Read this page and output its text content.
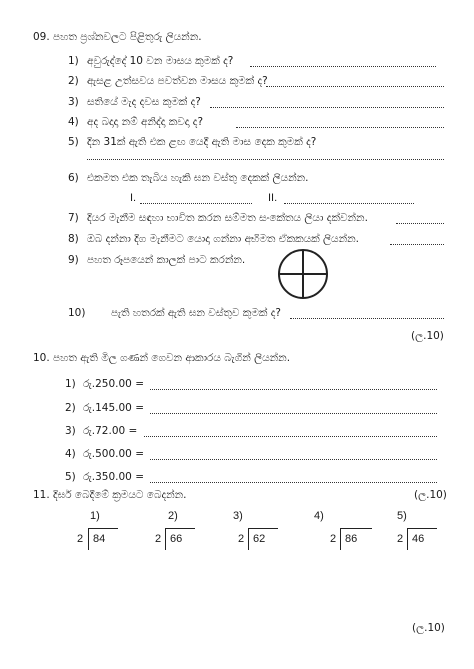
09. පහත ප්‍රශ්නවලට පිළිතුරු ලියන්න.
1) අවුරුද්දේ 10 වන මාසය කුමක් ද?
2) ඇසළ උත්සවය පවත්වන මාසය කුමක් ද?
3) සතියේ මැද දවස කුමක් ද?
4) අද බදාදා නම් අනිද්දා කවදා ද?
5) දින 31ක් ඇති එක ළඟ යෙදී ඇති මාස දෙක කුමක් ද?
6) එකමත එක තැබිය හැකි ඝන වස්තු දෙකක් ලියන්න.
I.	II.
7) දියර මැනීම සඳහා භාවිත කරන සම්මත සංකේතය ලියා දක්වන්න.
8) ඔබ දන්නා දිග මැනීමට යොදා ගන්නා අභිමත ඒකකයක් ලියන්න.
9) පහත රූපයෙන් කාලක් පාට කරන්න.
10) පැති හතරක් ඇති ඝන වස්තුව කුමක් ද?
(ල.10)
10. පහත ඇති මිල ගණන් ගෙවන ආකාරය බැගින් ලියන්න.
1) රු.250.00 =
2) රු.145.00 =
3) රු.72.00 =
4) රු.500.00 =
5) රු.350.00 =
11. දිර්ඝ බෙදීමේ ක්‍රමයට බෙදන්න.	(ල.10)
1)
2 84
2)
2 66
3)
2 62
4)
2 86
5)
2 46
(ල.10)
